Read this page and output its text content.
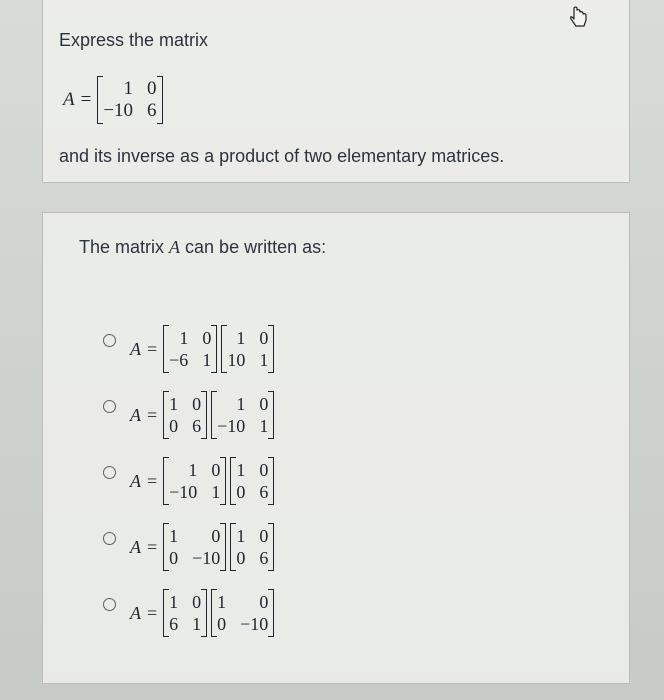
Express the matrix
A =
1 0
−10 6
and its inverse as a product of two elementary matrices.
The matrix A can be written as:
A =
1 0
−6 1
1 0
10 1
A =
1 0
0 6
1 0
−10 1
A =
1 0
−10 1
1 0
0 6
A =
1	0
0 −10
1 0
0 6
A =
1 0
6 1
1	0
0 −10
